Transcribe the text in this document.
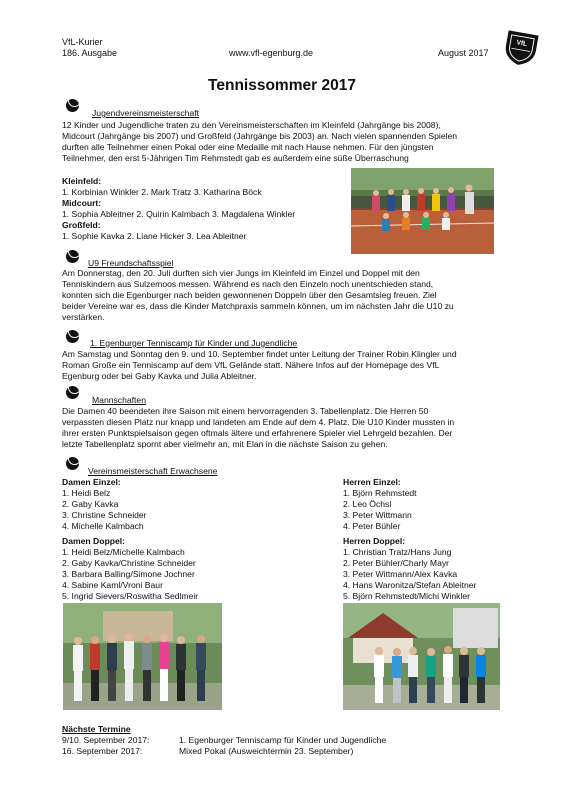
VfL-Kurier
186. Ausgabe	www.vfl-egenburg.de	August 2017
VfL
Tennissommer 2017
Jugendvereinsmeisterschaft
12 Kinder und Jugendliche traten zu den Vereinsmeisterschaften im Kleinfeld (Jahrgänge bis 2008),
Midcourt (Jahrgänge bis 2007) und Großfeld (Jahrgänge bis 2003) an. Nach vielen spannenden Spielen
durften alle Teilnehmer einen Pokal oder eine Medaille mit nach Hause nehmen. Für den jüngsten
Teilnehmer, den erst 5-Jährigen Tim Rehmstedt gab es außerdem eine süße Überraschung
Kleinfeld:
1. Korbinian Winkler 2. Mark Tratz 3. Katharina Böck
Midcourt:
1. Sophia Ableitner 2. Quirin Kalmbach 3. Magdalena Winkler
Großfeld:
1. Sophie Kavka 2. Liane Hicker 3. Lea Ableitner
U9 Freundschaftsspiel
Am Donnerstag, den 20. Juli durften sich vier Jungs im Kleinfeld im Einzel und Doppel mit den
Tenniskindern aus Sulzemoos messen. Während es nach den Einzeln noch unentschieden stand,
konnten sich die Egenburger nach beiden gewonnenen Doppeln über den Gesamtsieg freuen. Ziel
beider Vereine war es, dass die Kinder Matchpraxis sammeln können, um im nächsten Jahr die U10 zu
verstärken.
1. Egenburger Tenniscamp für Kinder und Jugendliche
Am Samstag und Sonntag den 9. und 10. September findet unter Leitung der Trainer Robin Klingler und
Roman Große ein Tenniscamp auf dem VfL Gelände statt. Nähere Infos auf der Homepage des VfL
Egenburg oder bei Gaby Kavka und Julia Ableitner.
Mannschaften
Die Damen 40 beendeten ihre Saison mit einem hervorragenden 3. Tabellenplatz. Die Herren 50
verpassten diesen Platz nur knapp und landeten am Ende auf dem 4. Platz. Die U10 Kinder mussten in
ihrer ersten Punktspielsaison gegen oftmals ältere und erfahrenere Spieler viel Lehrgeld bezahlen. Der
letzte Tabellenplatz spornt aber vielmehr an, mit Elan in die nächste Saison zu gehen.
Vereinsmeisterschaft Erwachsene
Damen Einzel:
1. Heidi Belz
2. Gaby Kavka
3. Christine Schneider
4. Michelle Kalmbach
Herren Einzel:
1. Björn Rehmstedt
2. Leo Öchsl
3. Peter Wittmann
4. Peter Bühler
Damen Doppel:
1. Heidi Belz/Michelle Kalmbach
2. Gaby Kavka/Christine Schneider
3. Barbara Balling/Simone Jochner
4. Sabine Kaml/Vroni Baur
5. Ingrid Sievers/Roswitha Sedlmeir
Herren Doppel:
1. Christian Tratz/Hans Jung
2. Peter Bühler/Charly Mayr
3. Peter Wittmann/Alex Kavka
4. Hans Waronitza/Stefan Ableitner
5. Björn Rehmstedt/Michi Winkler
Nächste Termine
9/10. September 2017:	1. Egenburger Tenniscamp für Kinder und Jugendliche
16. September 2017:	Mixed Pokal (Ausweichtermin 23. September)
